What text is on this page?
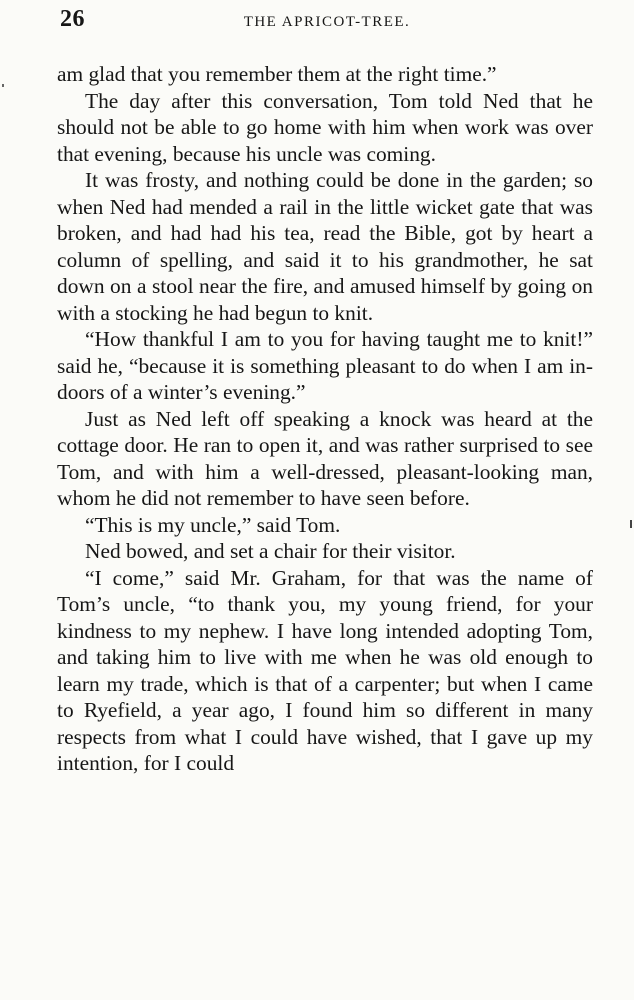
26	THE APRICOT-TREE.

am glad that you remember them at the right time.”

The day after this conversation, Tom told Ned that he should not be able to go home with him when work was over that evening, because his uncle was coming.

It was frosty, and nothing could be done in the garden; so when Ned had mended a rail in the little wicket gate that was broken, and had had his tea, read the Bible, got by heart a column of spelling, and said it to his grandmother, he sat down on a stool near the fire, and amused himself by going on with a stocking he had begun to knit.

“How thankful I am to you for having taught me to knit!” said he, “because it is something pleasant to do when I am in-doors of a winter’s evening.”

Just as Ned left off speaking a knock was heard at the cottage door. He ran to open it, and was rather surprised to see Tom, and with him a well-dressed, pleasant-looking man, whom he did not remember to have seen before.

“This is my uncle,” said Tom.

Ned bowed, and set a chair for their visitor.

“I come,” said Mr. Graham, for that was the name of Tom’s uncle, “to thank you, my young friend, for your kindness to my nephew. I have long intended adopting Tom, and taking him to live with me when he was old enough to learn my trade, which is that of a carpenter; but when I came to Ryefield, a year ago, I found him so different in many respects from what I could have wished, that I gave up my intention, for I could
